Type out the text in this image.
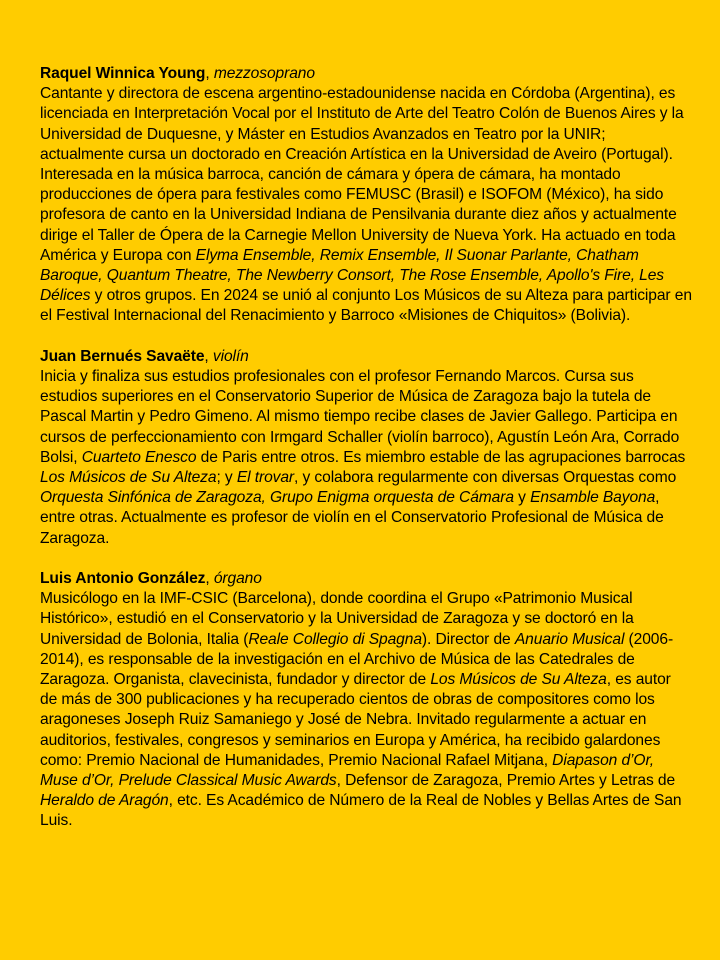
Raquel Winnica Young, mezzosoprano

Cantante y directora de escena argentino-estadounidense nacida en Córdoba (Argentina), es licenciada en Interpretación Vocal por el Instituto de Arte del Teatro Colón de Buenos Aires y la Universidad de Duquesne, y Máster en Estudios Avanzados en Teatro por la UNIR; actualmente cursa un doctorado en Creación Artística en la Universidad de Aveiro (Portugal). Interesada en la música barroca, canción de cámara y ópera de cámara, ha montado producciones de ópera para festivales como FEMUSC (Brasil) e ISOFOM (México), ha sido profesora de canto en la Universidad Indiana de Pensilvania durante diez años y actualmente dirige el Taller de Ópera de la Carnegie Mellon University de Nueva York. Ha actuado en toda América y Europa con Elyma Ensemble, Remix Ensemble, Il Suonar Parlante, Chatham Baroque, Quantum Theatre, The Newberry Consort, The Rose Ensemble, Apollo's Fire, Les Délices y otros grupos. En 2024 se unió al conjunto Los Músicos de su Alteza para participar en el Festival Internacional del Renacimiento y Barroco «Misiones de Chiquitos» (Bolivia).

Juan Bernués Savaëte, violín

Inicia y finaliza sus estudios profesionales con el profesor Fernando Marcos. Cursa sus estudios superiores en el Conservatorio Superior de Música de Zaragoza bajo la tutela de Pascal Martin y Pedro Gimeno. Al mismo tiempo recibe clases de Javier Gallego. Participa en cursos de perfeccionamiento con Irmgard Schaller (violín barroco), Agustín León Ara, Corrado Bolsi, Cuarteto Enesco de Paris entre otros. Es miembro estable de las agrupaciones barrocas Los Músicos de Su Alteza; y El trovar, y colabora regularmente con diversas Orquestas como Orquesta Sinfónica de Zaragoza, Grupo Enigma orquesta de Cámara y Ensamble Bayona, entre otras. Actualmente es profesor de violín en el Conservatorio Profesional de Música de Zaragoza.

Luis Antonio González, órgano

Musicólogo en la IMF-CSIC (Barcelona), donde coordina el Grupo «Patrimonio Musical Histórico», estudió en el Conservatorio y la Universidad de Zaragoza y se doctoró en la Universidad de Bolonia, Italia (Reale Collegio di Spagna). Director de Anuario Musical (2006-2014), es responsable de la investigación en el Archivo de Música de las Catedrales de Zaragoza. Organista, clavecinista, fundador y director de Los Músicos de Su Alteza, es autor de más de 300 publicaciones y ha recuperado cientos de obras de compositores como los aragoneses Joseph Ruiz Samaniego y José de Nebra. Invitado regularmente a actuar en auditorios, festivales, congresos y seminarios en Europa y América, ha recibido galardones como: Premio Nacional de Humanidades, Premio Nacional Rafael Mitjana, Diapason d’Or, Muse d’Or, Prelude Classical Music Awards, Defensor de Zaragoza, Premio Artes y Letras de Heraldo de Aragón, etc. Es Académico de Número de la Real de Nobles y Bellas Artes de San Luis.
